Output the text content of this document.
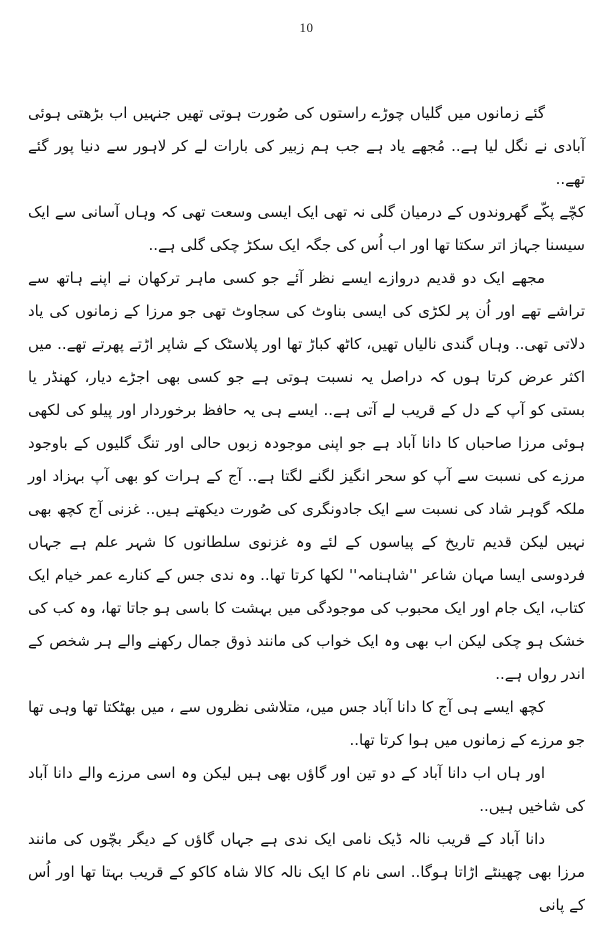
10

گئے زمانوں میں گلیاں چوڑے راستوں کی صُورت ہوتی تھیں جنہیں اب بڑھتی ہوئی آبادی نے نگل لیا ہے.. مُجھے یاد ہے جب ہم زبیر کی بارات لے کر لاہور سے دنیا پور گئے تھے..

کچّے پکّے گھروندوں کے درمیان گلی نہ تھی ایک ایسی وسعت تھی کہ وہاں آسانی سے ایک سیسنا جہاز اتر سکتا تھا اور اب اُس کی جگہ ایک سکڑ چکی گلی ہے..

مجھے ایک دو قدیم دروازے ایسے نظر آئے جو کسی ماہر ترکھان نے اپنے ہاتھ سے تراشے تھے اور اُن پر لکڑی کی ایسی بناوٹ کی سجاوٹ تھی جو مرزا کے زمانوں کی یاد دلاتی تھی.. وہاں گندی نالیاں تھیں، کاٹھ کباڑ تھا اور پلاسٹک کے شاپر اڑتے پھرتے تھے.. میں اکثر عرض کرتا ہوں کہ دراصل یہ نسبت ہوتی ہے جو کسی بھی اجڑے دیار، کھنڈر یا بستی کو آپ کے دل کے قریب لے آتی ہے.. ایسے ہی یہ حافظ برخوردار اور پیلو کی لکھی ہوئی مرزا صاحباں کا دانا آباد ہے جو اپنی موجودہ زبوں حالی اور تنگ گلیوں کے باوجود مرزے کی نسبت سے آپ کو سحر انگیز لگنے لگتا ہے.. آج کے ہرات کو بھی آپ بہزاد اور ملکہ گوہر شاد کی نسبت سے ایک جادونگری کی صُورت دیکھتے ہیں.. غزنی آج کچھ بھی نہیں لیکن قدیم تاریخ کے پیاسوں کے لئے وہ غزنوی سلطانوں کا شہر علم ہے جہاں فردوسی ایسا مہان شاعر ''شاہنامہ'' لکھا کرتا تھا.. وہ ندی جس کے کنارے عمر خیام ایک کتاب، ایک جام اور ایک محبوب کی موجودگی میں بہشت کا باسی ہو جاتا تھا، وہ کب کی خشک ہو چکی لیکن اب بھی وہ ایک خواب کی مانند ذوق جمال رکھنے والے ہر شخص کے اندر رواں ہے..

کچھ ایسے ہی آج کا دانا آباد جس میں، متلاشی نظروں سے ، میں بھٹکتا تھا وہی تھا جو مرزے کے زمانوں میں ہوا کرتا تھا..

اور ہاں اب دانا آباد کے دو تین اور گاؤں بھی ہیں لیکن وہ اسی مرزے والے دانا آباد کی شاخیں ہیں..

دانا آباد کے قریب نالہ ڈیک نامی ایک ندی ہے جہاں گاؤں کے دیگر بچّوں کی مانند مرزا بھی چھینٹے اڑاتا ہوگا.. اسی نام کا ایک نالہ کالا شاہ کاکو کے قریب بہتا تھا اور اُس کے پانی
